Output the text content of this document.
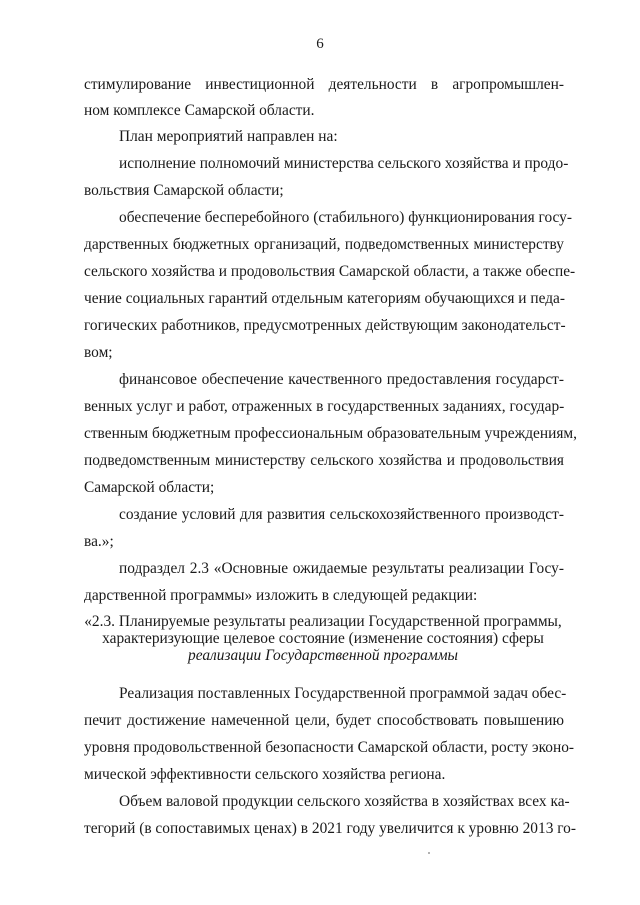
6
стимулирование инвестиционной деятельности в агропромышлен-
ном комплексе Самарской области.
План мероприятий направлен на:
исполнение полномочий министерства сельского хозяйства и продо-
вольствия Самарской области;
обеспечение бесперебойного (стабильного) функционирования госу-
дарственных бюджетных организаций, подведомственных министерству
сельского хозяйства и продовольствия Самарской области, а также обеспе-
чение социальных гарантий отдельным категориям обучающихся и педа-
гогических работников, предусмотренных действующим законодательст-
вом;
финансовое обеспечение качественного предоставления государст-
венных услуг и работ, отраженных в государственных заданиях, государ-
ственным бюджетным профессиональным образовательным учреждениям,
подведомственным министерству сельского хозяйства и продовольствия
Самарской области;
создание условий для развития сельскохозяйственного производст-
ва.»;
подраздел 2.3 «Основные ожидаемые результаты реализации Госу-
дарственной программы» изложить в следующей редакции:
«2.3. Планируемые результаты реализации Государственной программы,
характеризующие целевое состояние (изменение состояния) сферы
реализации Государственной программы
Реализация поставленных Государственной программой задач обес-
печит достижение намеченной цели, будет способствовать повышению
уровня продовольственной безопасности Самарской области, росту эконо-
мической эффективности сельского хозяйства региона.
Объем валовой продукции сельского хозяйства в хозяйствах всех ка-
тегорий (в сопоставимых ценах) в 2021 году увеличится к уровню 2013 го-
